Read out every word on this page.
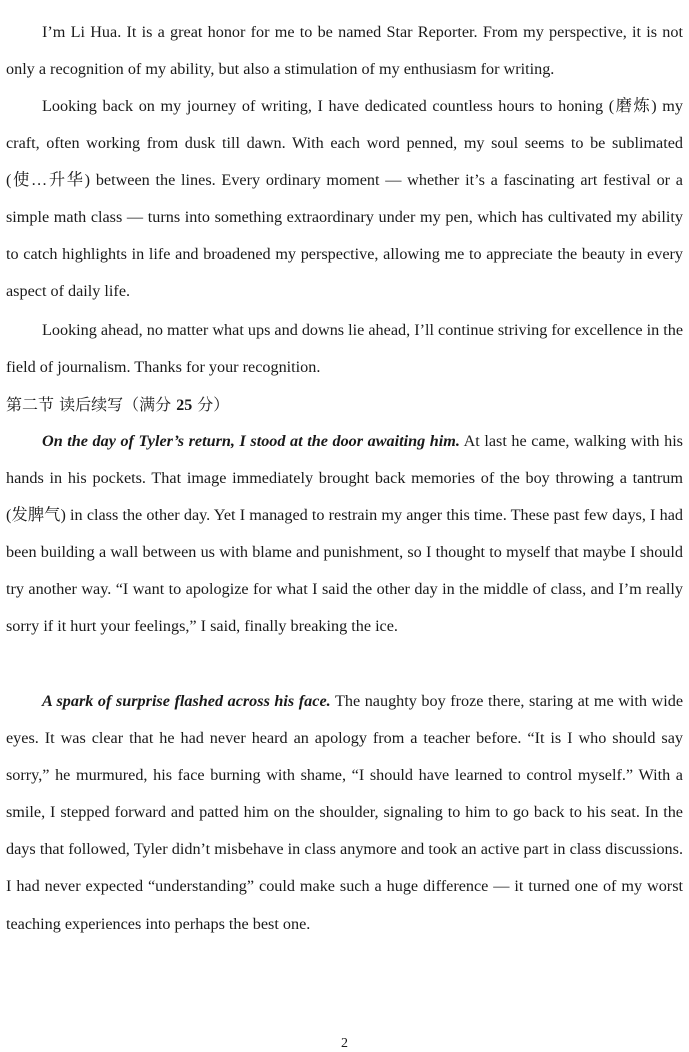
I’m Li Hua. It is a great honor for me to be named Star Reporter. From my perspective, it is not only a recognition of my ability, but also a stimulation of my enthusiasm for writing.

Looking back on my journey of writing, I have dedicated countless hours to honing (磨炼) my craft, often working from dusk till dawn. With each word penned, my soul seems to be sublimated (使…升华) between the lines. Every ordinary moment — whether it’s a fascinating art festival or a simple math class — turns into something extraordinary under my pen, which has cultivated my ability to catch highlights in life and broadened my perspective, allowing me to appreciate the beauty in every aspect of daily life.

Looking ahead, no matter what ups and downs lie ahead, I’ll continue striving for excellence in the field of journalism. Thanks for your recognition.

第二节 读后续写（满分 25 分）

On the day of Tyler’s return, I stood at the door awaiting him. At last he came, walking with his hands in his pockets. That image immediately brought back memories of the boy throwing a tantrum (发脾气) in class the other day. Yet I managed to restrain my anger this time. These past few days, I had been building a wall between us with blame and punishment, so I thought to myself that maybe I should try another way. “I want to apologize for what I said the other day in the middle of class, and I’m really sorry if it hurt your feelings,” I said, finally breaking the ice.

A spark of surprise flashed across his face. The naughty boy froze there, staring at me with wide eyes. It was clear that he had never heard an apology from a teacher before. “It is I who should say sorry,” he murmured, his face burning with shame, “I should have learned to control myself.” With a smile, I stepped forward and patted him on the shoulder, signaling to him to go back to his seat. In the days that followed, Tyler didn’t misbehave in class anymore and took an active part in class discussions. I had never expected “understanding” could make such a huge difference — it turned one of my worst teaching experiences into perhaps the best one.

2
